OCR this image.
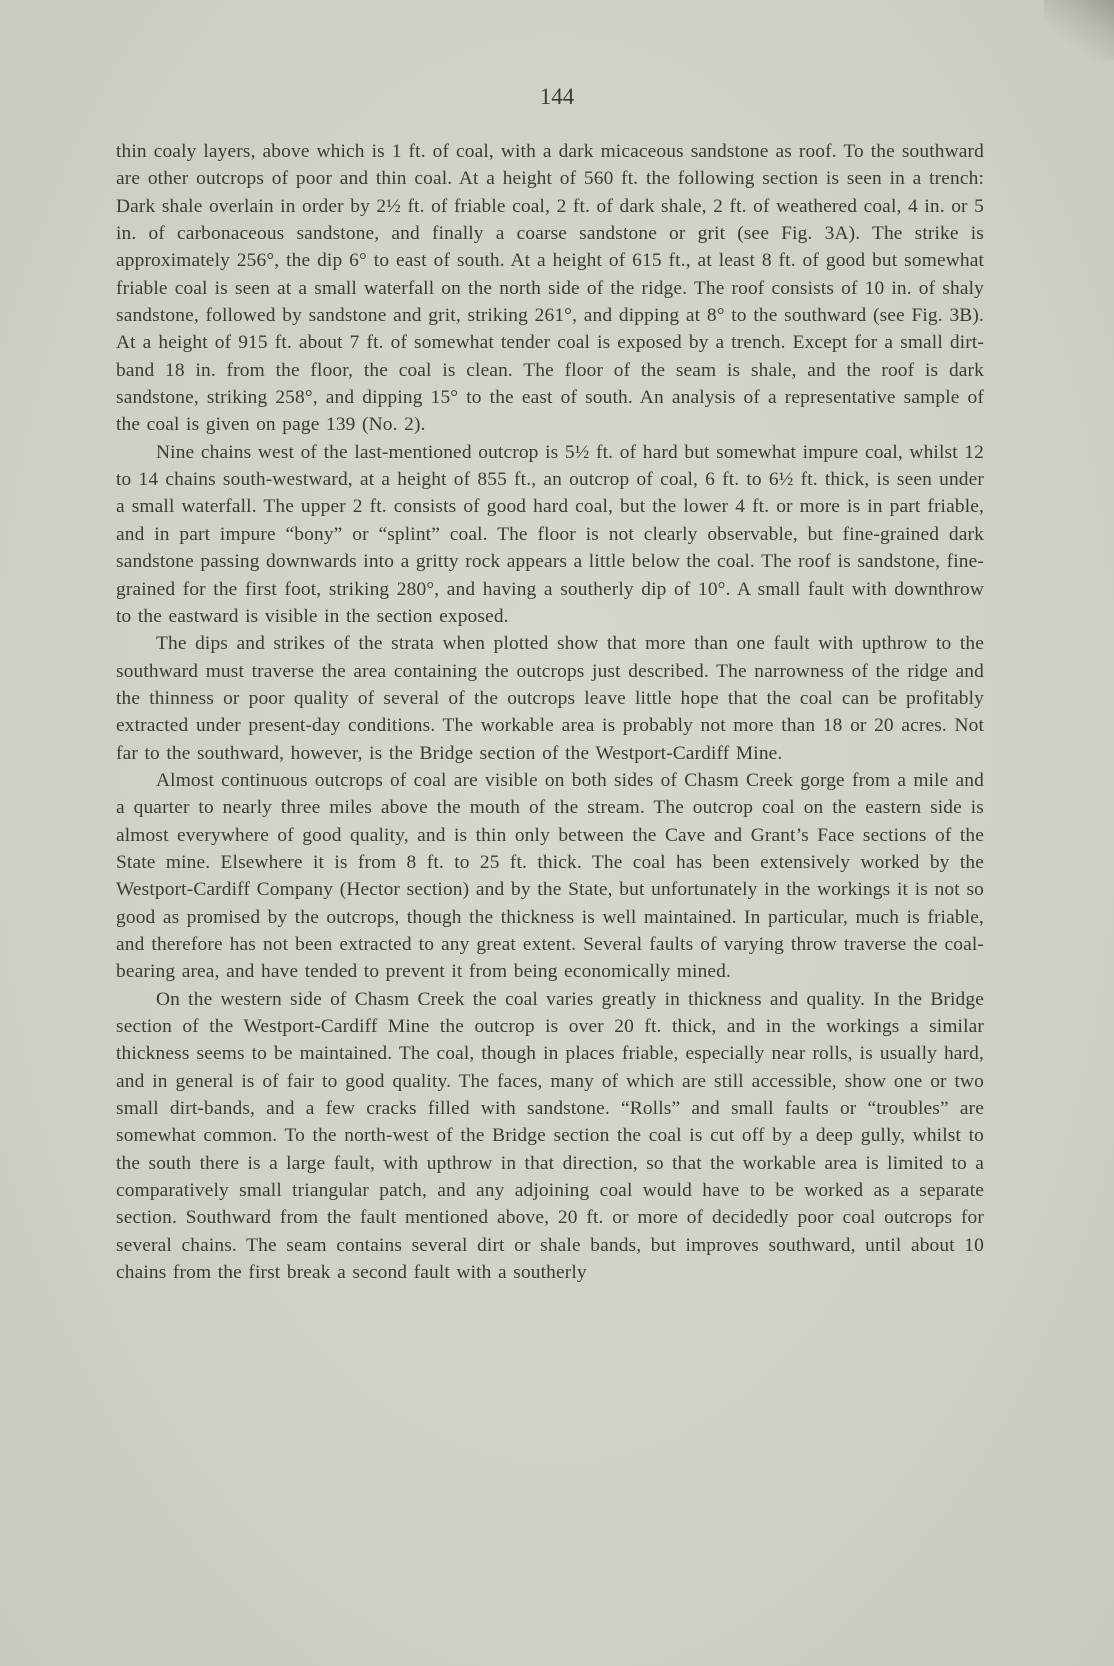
144

thin coaly layers, above which is 1 ft. of coal, with a dark micaceous sandstone as roof. To the southward are other outcrops of poor and thin coal. At a height of 560 ft. the following section is seen in a trench: Dark shale overlain in order by 2½ ft. of friable coal, 2 ft. of dark shale, 2 ft. of weathered coal, 4 in. or 5 in. of carbonaceous sandstone, and finally a coarse sandstone or grit (see Fig. 3A). The strike is approximately 256°, the dip 6° to east of south. At a height of 615 ft., at least 8 ft. of good but somewhat friable coal is seen at a small waterfall on the north side of the ridge. The roof consists of 10 in. of shaly sandstone, followed by sandstone and grit, striking 261°, and dipping at 8° to the southward (see Fig. 3B). At a height of 915 ft. about 7 ft. of somewhat tender coal is exposed by a trench. Except for a small dirt-band 18 in. from the floor, the coal is clean. The floor of the seam is shale, and the roof is dark sandstone, striking 258°, and dipping 15° to the east of south. An analysis of a representative sample of the coal is given on page 139 (No. 2).

Nine chains west of the last-mentioned outcrop is 5½ ft. of hard but somewhat impure coal, whilst 12 to 14 chains south-westward, at a height of 855 ft., an outcrop of coal, 6 ft. to 6½ ft. thick, is seen under a small waterfall. The upper 2 ft. consists of good hard coal, but the lower 4 ft. or more is in part friable, and in part impure “bony” or “splint” coal. The floor is not clearly observable, but fine-grained dark sandstone passing downwards into a gritty rock appears a little below the coal. The roof is sandstone, fine-grained for the first foot, striking 280°, and having a southerly dip of 10°. A small fault with downthrow to the eastward is visible in the section exposed.

The dips and strikes of the strata when plotted show that more than one fault with upthrow to the southward must traverse the area containing the outcrops just described. The narrowness of the ridge and the thinness or poor quality of several of the outcrops leave little hope that the coal can be profitably extracted under present-day conditions. The workable area is probably not more than 18 or 20 acres. Not far to the southward, however, is the Bridge section of the Westport-Cardiff Mine.

Almost continuous outcrops of coal are visible on both sides of Chasm Creek gorge from a mile and a quarter to nearly three miles above the mouth of the stream. The outcrop coal on the eastern side is almost everywhere of good quality, and is thin only between the Cave and Grant’s Face sections of the State mine. Elsewhere it is from 8 ft. to 25 ft. thick. The coal has been extensively worked by the Westport-Cardiff Company (Hector section) and by the State, but unfortunately in the workings it is not so good as promised by the outcrops, though the thickness is well maintained. In particular, much is friable, and therefore has not been extracted to any great extent. Several faults of varying throw traverse the coal-bearing area, and have tended to prevent it from being economically mined.

On the western side of Chasm Creek the coal varies greatly in thickness and quality. In the Bridge section of the Westport-Cardiff Mine the outcrop is over 20 ft. thick, and in the workings a similar thickness seems to be maintained. The coal, though in places friable, especially near rolls, is usually hard, and in general is of fair to good quality. The faces, many of which are still accessible, show one or two small dirt-bands, and a few cracks filled with sandstone. “Rolls” and small faults or “troubles” are somewhat common. To the north-west of the Bridge section the coal is cut off by a deep gully, whilst to the south there is a large fault, with upthrow in that direction, so that the workable area is limited to a comparatively small triangular patch, and any adjoining coal would have to be worked as a separate section. Southward from the fault mentioned above, 20 ft. or more of decidedly poor coal outcrops for several chains. The seam contains several dirt or shale bands, but improves southward, until about 10 chains from the first break a second fault with a southerly
